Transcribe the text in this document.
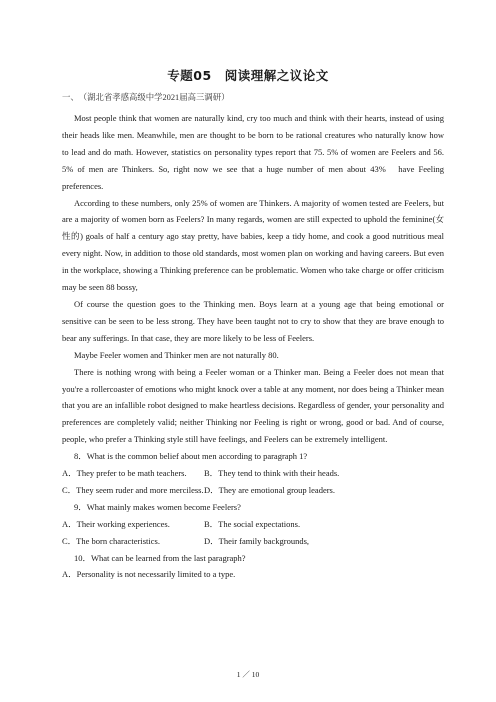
专题05　阅读理解之议论文
一、　（湖北省孝感高级中学2021届高三调研）

Most people think that women are naturally kind, cry too much and think with their hearts, instead of using their heads like men. Meanwhile, men are thought to be born to be rational creatures who naturally know how to lead and do math. However, statistics on personality types report that 75. 5% of women are Feelers and 56. 5% of men are Thinkers. So, right now we see that a huge number of men about 43%　have Feeling preferences.

According to these numbers, only 25% of women are Thinkers. A majority of women tested are Feelers, but are a majority of women born as Feelers? In many regards, women are still expected to uphold the feminine(女性的) goals of half a century ago stay pretty, have babies, keep a tidy home, and cook a good nutritious meal every night. Now, in addition to those old standards, most women plan on working and having careers. But even in the workplace, showing a Thinking preference can be problematic. Women who take charge or offer criticism may be seen 88 bossy,

Of course the question goes to the Thinking men. Boys learn at a young age that being emotional or sensitive can be seen to be less strong. They have been taught not to cry to show that they are brave enough to bear any sufferings. In that case, they are more likely to be less of Feelers.

Maybe Feeler women and Thinker men are not naturally 80.

There is nothing wrong with being a Feeler woman or a Thinker man. Being a Feeler does not mean that you're a rollercoaster of emotions who might knock over a table at any moment, nor does being a Thinker mean that you are an infallible robot designed to make heartless decisions. Regardless of gender, your personality and preferences are completely valid; neither Thinking nor Feeling is right or wrong, good or bad. And of course, people, who prefer a Thinking style still have feelings, and Feelers can be extremely intelligent.

8．What is the common belief about men according to paragraph 1?

A．They prefer to be math teachers.	B．They tend to think with their heads.
C．They seem ruder and more merciless. D．They are emotional group leaders.

9．What mainly makes women become Feelers?

A．Their working experiences.	B．The social expectations.
C．The born characteristics.	D．Their family backgrounds,

10．What can be learned from the last paragraph?

A．Personality is not necessarily limited to a type.
1 ／ 10
